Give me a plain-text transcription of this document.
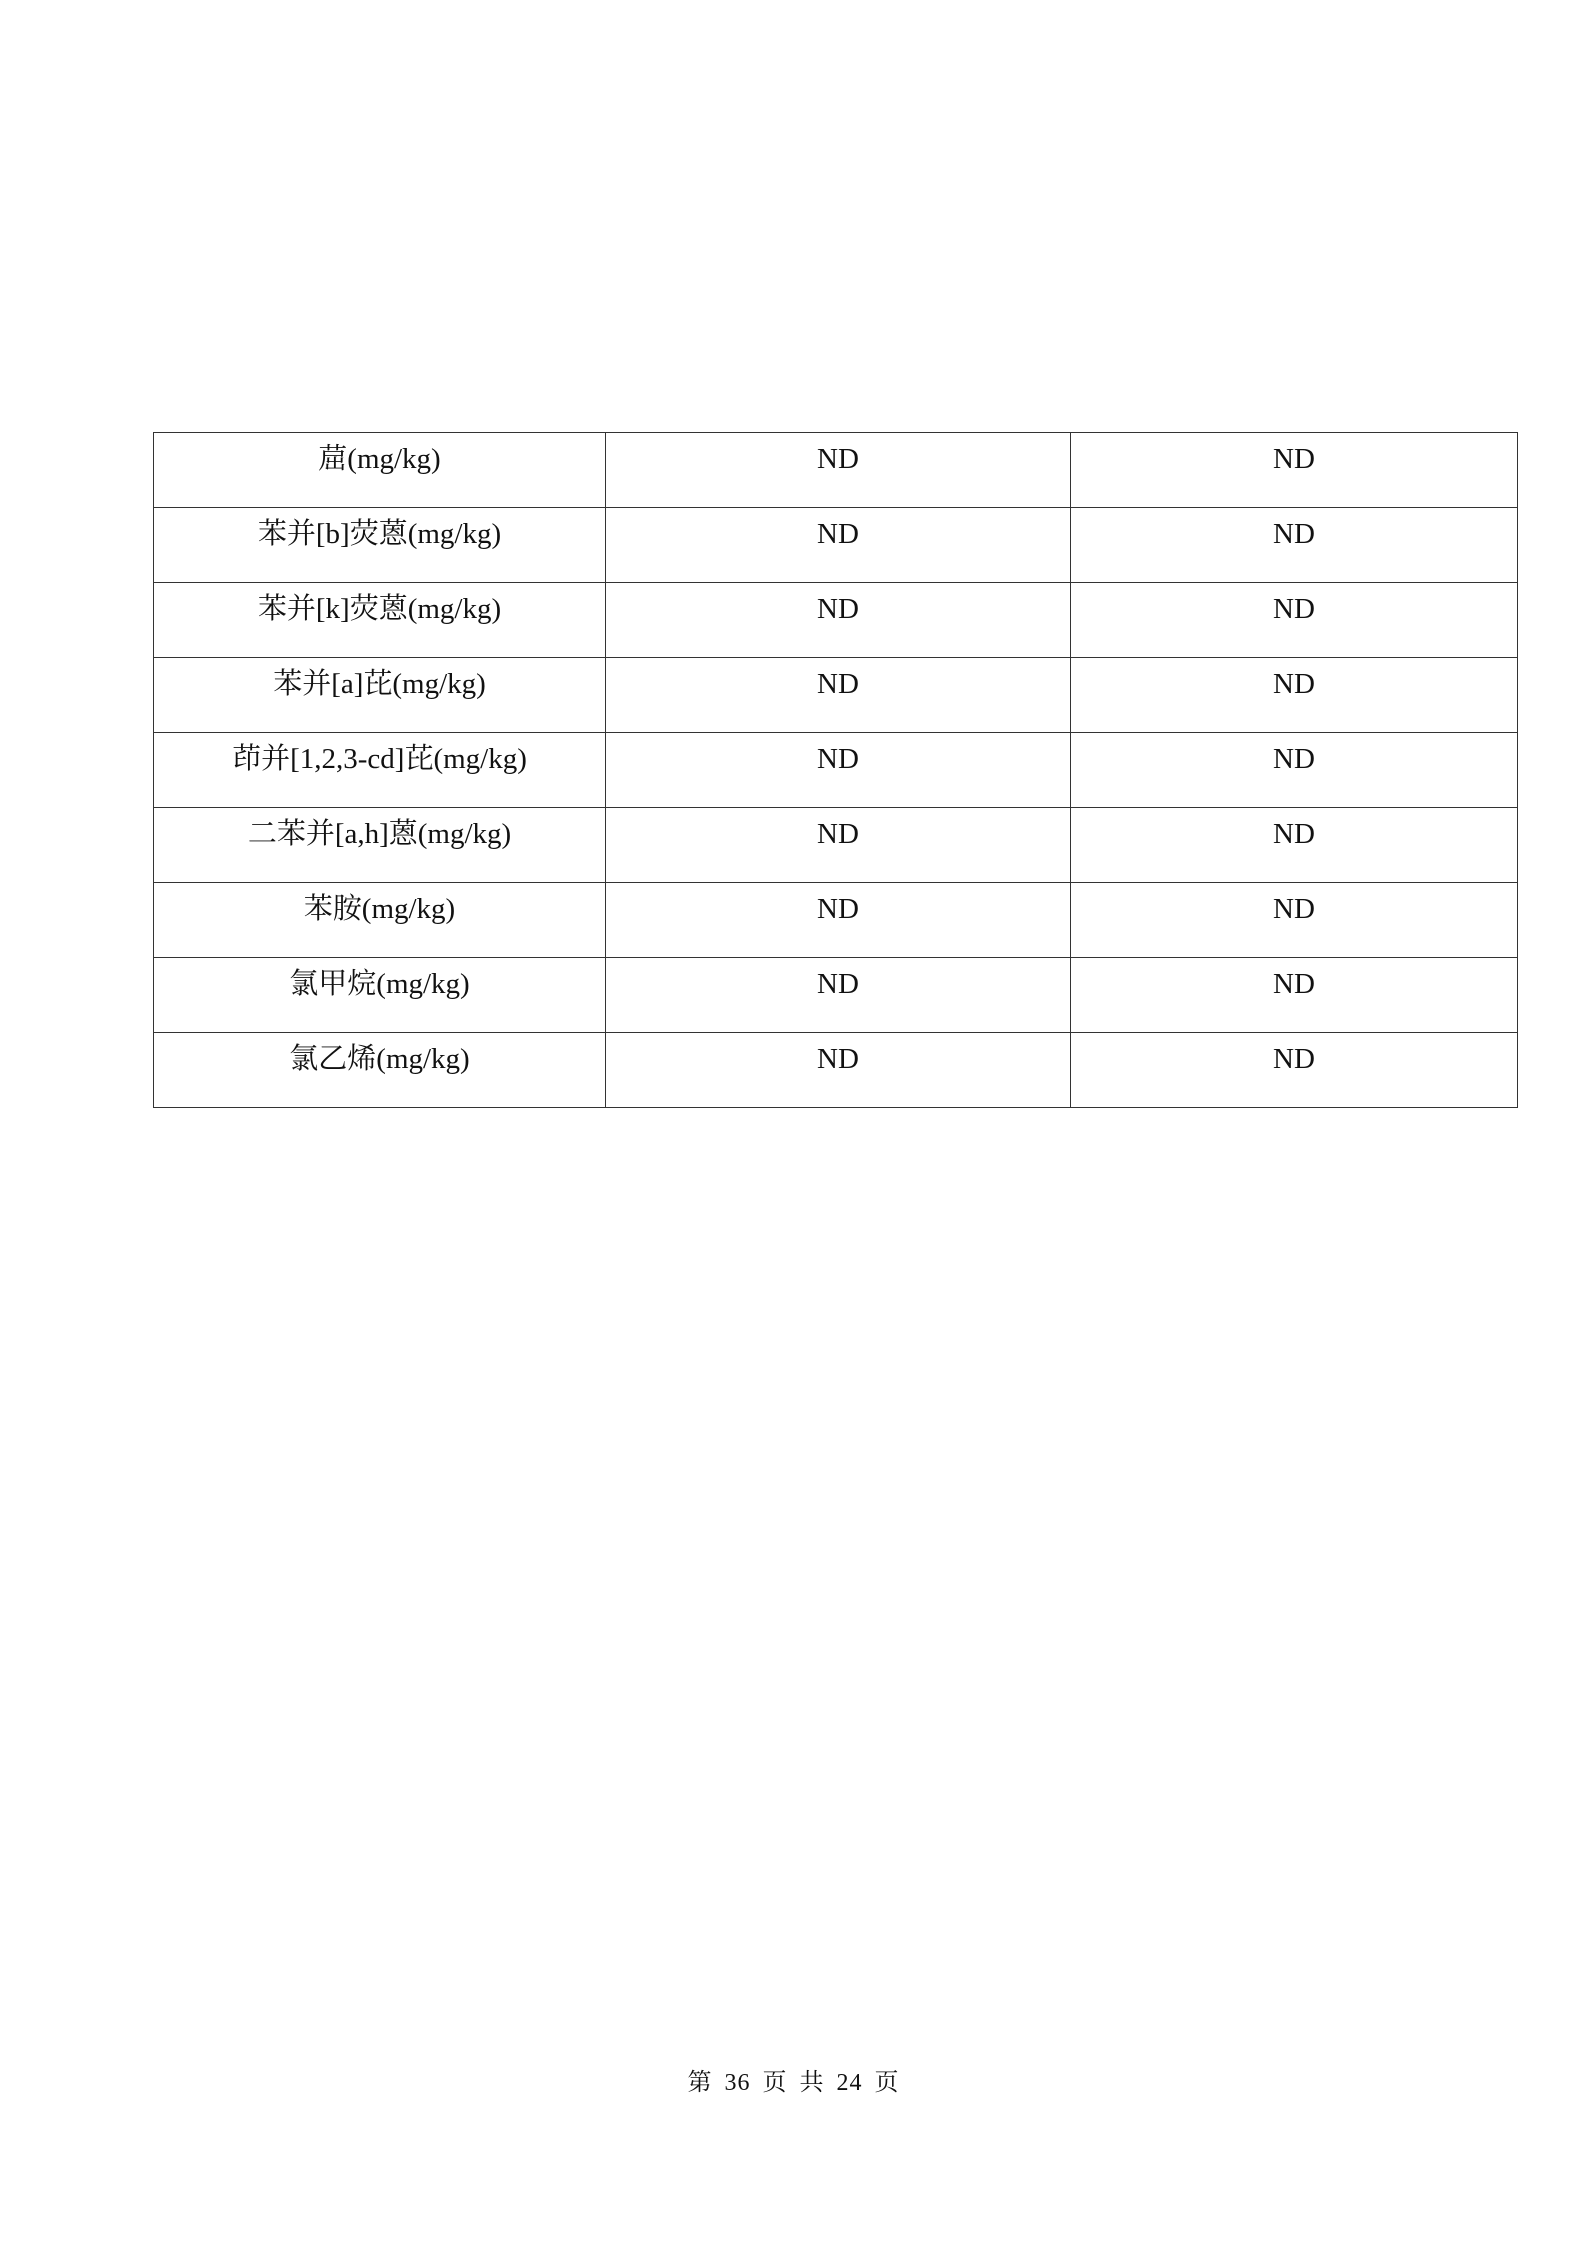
䓛(mg/kg)	ND	ND

苯并[b]荧蒽(mg/kg)	ND	ND

苯并[k]荧蒽(mg/kg)	ND	ND

苯并[a]芘(mg/kg)	ND	ND

茚并[1,2,3-cd]芘(mg/kg)	ND	ND

二苯并[a,h]蒽(mg/kg)	ND	ND

苯胺(mg/kg)	ND	ND

氯甲烷(mg/kg)	ND	ND

氯乙烯(mg/kg)	ND	ND
第 36 页 共 24 页
